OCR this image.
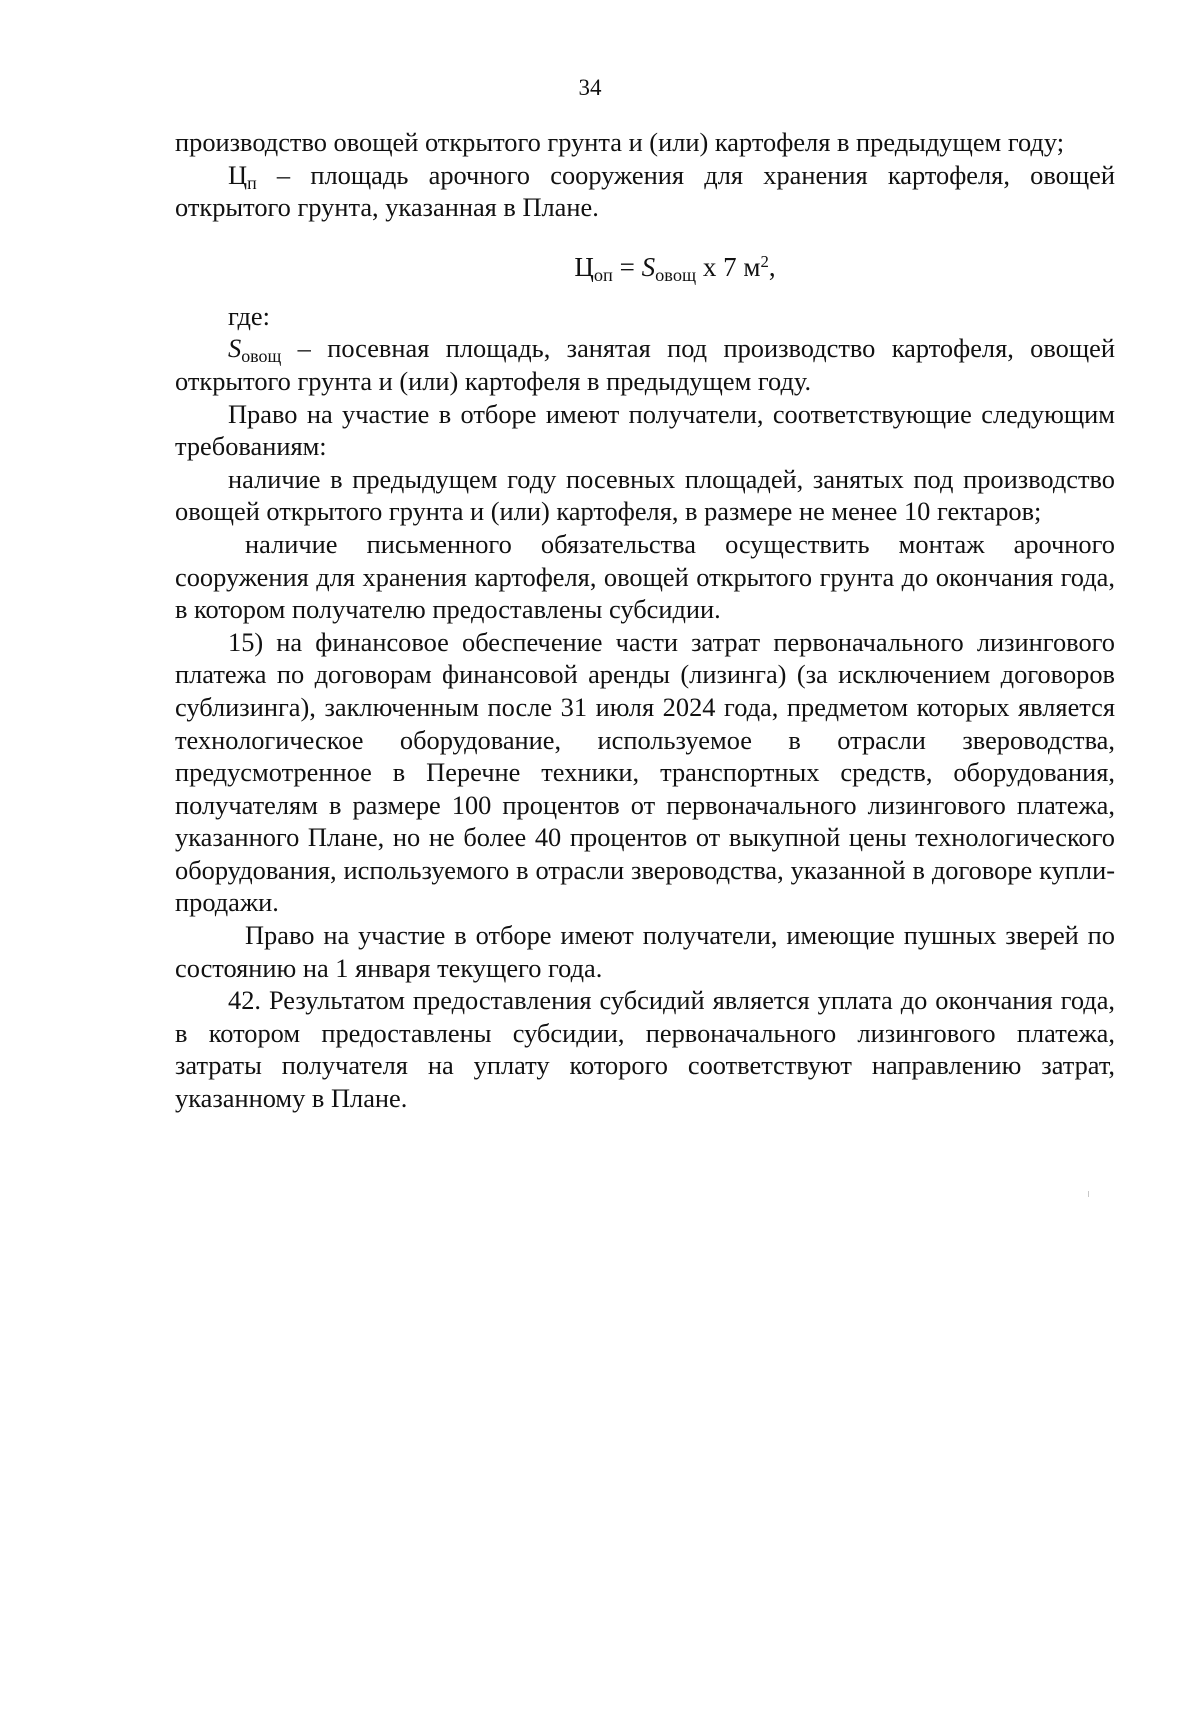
34

производство овощей открытого грунта и (или) картофеля в предыдущем году;

Цп – площадь арочного сооружения для хранения картофеля, овощей открытого грунта, указанная в Плане.

Цоп = Sовощ x 7 $м^2$,

где:

Sовощ – посевная площадь, занятая под производство картофеля, овощей открытого грунта и (или) картофеля в предыдущем году.

Право на участие в отборе имеют получатели, соответствующие следующим требованиям:

наличие в предыдущем году посевных площадей, занятых под производство овощей открытого грунта и (или) картофеля, в размере не менее 10 гектаров;

наличие письменного обязательства осуществить монтаж арочного сооружения для хранения картофеля, овощей открытого грунта до окончания года, в котором получателю предоставлены субсидии.

15) на финансовое обеспечение части затрат первоначального лизингового платежа по договорам финансовой аренды (лизинга) (за исключением договоров сублизинга), заключенным после 31 июля 2024 года, предметом которых является технологическое оборудование, используемое в отрасли звероводства, предусмотренное в Перечне техники, транспортных средств, оборудования, получателям в размере 100 процентов от первоначального лизингового платежа, указанного Плане, но не более 40 процентов от выкупной цены технологического оборудования, используемого в отрасли звероводства, указанной в договоре купли-продажи.

Право на участие в отборе имеют получатели, имеющие пушных зверей по состоянию на 1 января текущего года.

42. Результатом предоставления субсидий является уплата до окончания года, в котором предоставлены субсидии, первоначального лизингового платежа, затраты получателя на уплату которого соответствуют направлению затрат, указанному в Плане.
